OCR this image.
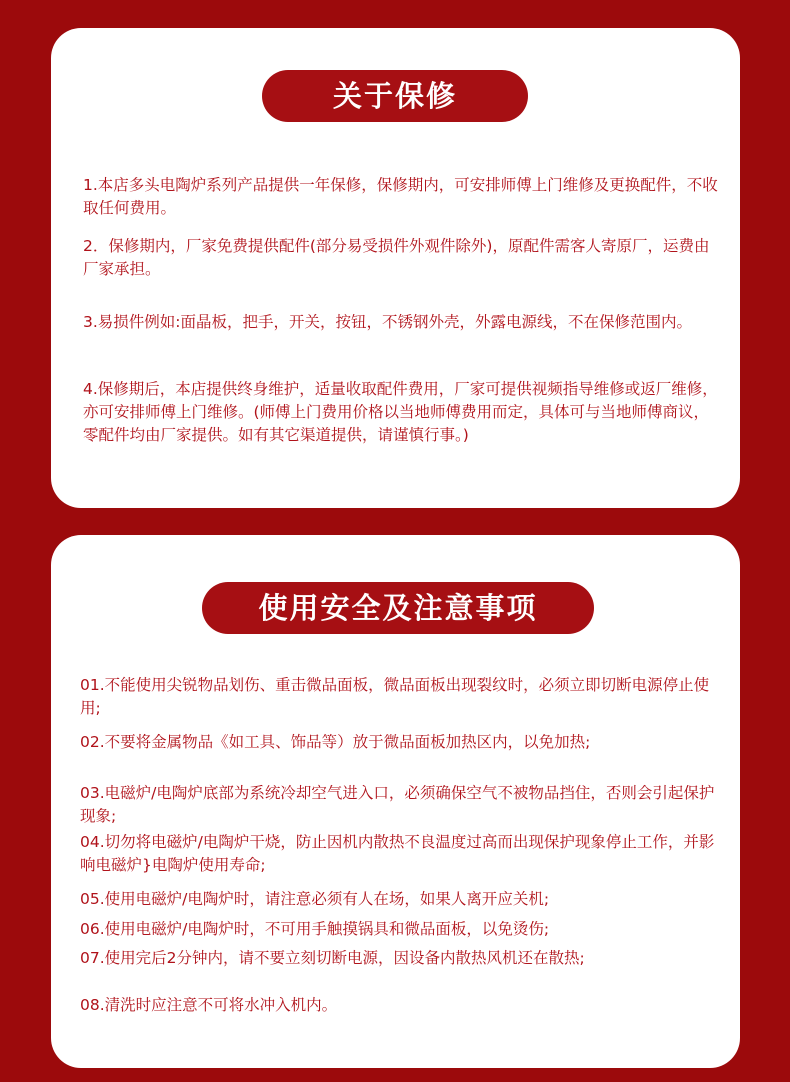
关于保修

1.本店多头电陶炉系列产品提供一年保修，保修期内，可安排师傅上门维修及更换配件，不收取任何费用。

2．保修期内，厂家免费提供配件(部分易受损件外观件除外)，原配件需客人寄原厂，运费由厂家承担。

3.易损件例如:面晶板，把手，开关，按钮，不锈钢外壳，外露电源线，不在保修范围内。

4.保修期后，本店提供终身维护，适量收取配件费用，厂家可提供视频指导维修或返厂维修，亦可安排师傅上门维修。(师傅上门费用价格以当地师傅费用而定，具体可与当地师傅商议，零配件均由厂家提供。如有其它渠道提供，请谨慎行事。)

使用安全及注意事项

01.不能使用尖锐物品划伤、重击微品面板，微品面板出现裂纹时，必须立即切断电源停止使用;

02.不要将金属物品《如工具、饰品等）放于微品面板加热区内，以免加热;

03.电磁炉/电陶炉底部为系统冷却空气进入口，必须确保空气不被物品挡住，否则会引起保护现象;

04.切勿将电磁炉/电陶炉干烧，防止因机内散热不良温度过高而出现保护现象停止工作，并影响电磁炉}电陶炉使用寿命;

05.使用电磁炉/电陶炉时，请注意必须有人在场，如果人离开应关机;

06.使用电磁炉/电陶炉时，不可用手触摸锅具和微品面板，以免烫伤;

07.使用完后2分钟内，请不要立刻切断电源，因设备内散热风机还在散热;

08.清洗时应注意不可将水冲入机内。
